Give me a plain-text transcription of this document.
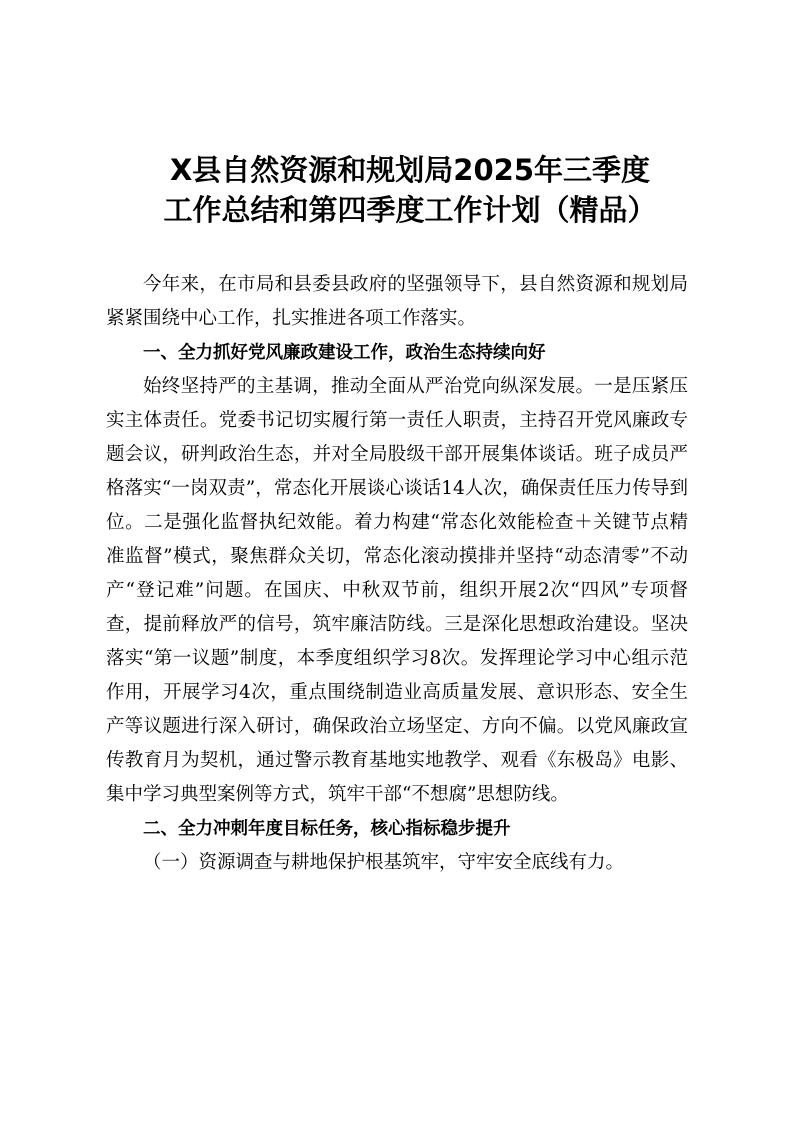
X县自然资源和规划局2025年三季度
工作总结和第四季度工作计划（精品）

今年来，在市局和县委县政府的坚强领导下，县自然资源和规划局紧紧围绕中心工作，扎实推进各项工作落实。

一、全力抓好党风廉政建设工作，政治生态持续向好

始终坚持严的主基调，推动全面从严治党向纵深发展。一是压紧压实主体责任。党委书记切实履行第一责任人职责，主持召开党风廉政专题会议，研判政治生态，并对全局股级干部开展集体谈话。班子成员严格落实“一岗双责”，常态化开展谈心谈话14人次，确保责任压力传导到位。二是强化监督执纪效能。着力构建“常态化效能检查＋关键节点精准监督”模式，聚焦群众关切，常态化滚动摸排并坚持“动态清零”不动产“登记难”问题。在国庆、中秋双节前，组织开展2次“四风”专项督查，提前释放严的信号，筑牢廉洁防线。三是深化思想政治建设。坚决落实“第一议题”制度，本季度组织学习8次。发挥理论学习中心组示范作用，开展学习4次，重点围绕制造业高质量发展、意识形态、安全生产等议题进行深入研讨，确保政治立场坚定、方向不偏。以党风廉政宣传教育月为契机，通过警示教育基地实地教学、观看《东极岛》电影、集中学习典型案例等方式，筑牢干部“不想腐”思想防线。

二、全力冲刺年度目标任务，核心指标稳步提升

（一）资源调查与耕地保护根基筑牢，守牢安全底线有力。
